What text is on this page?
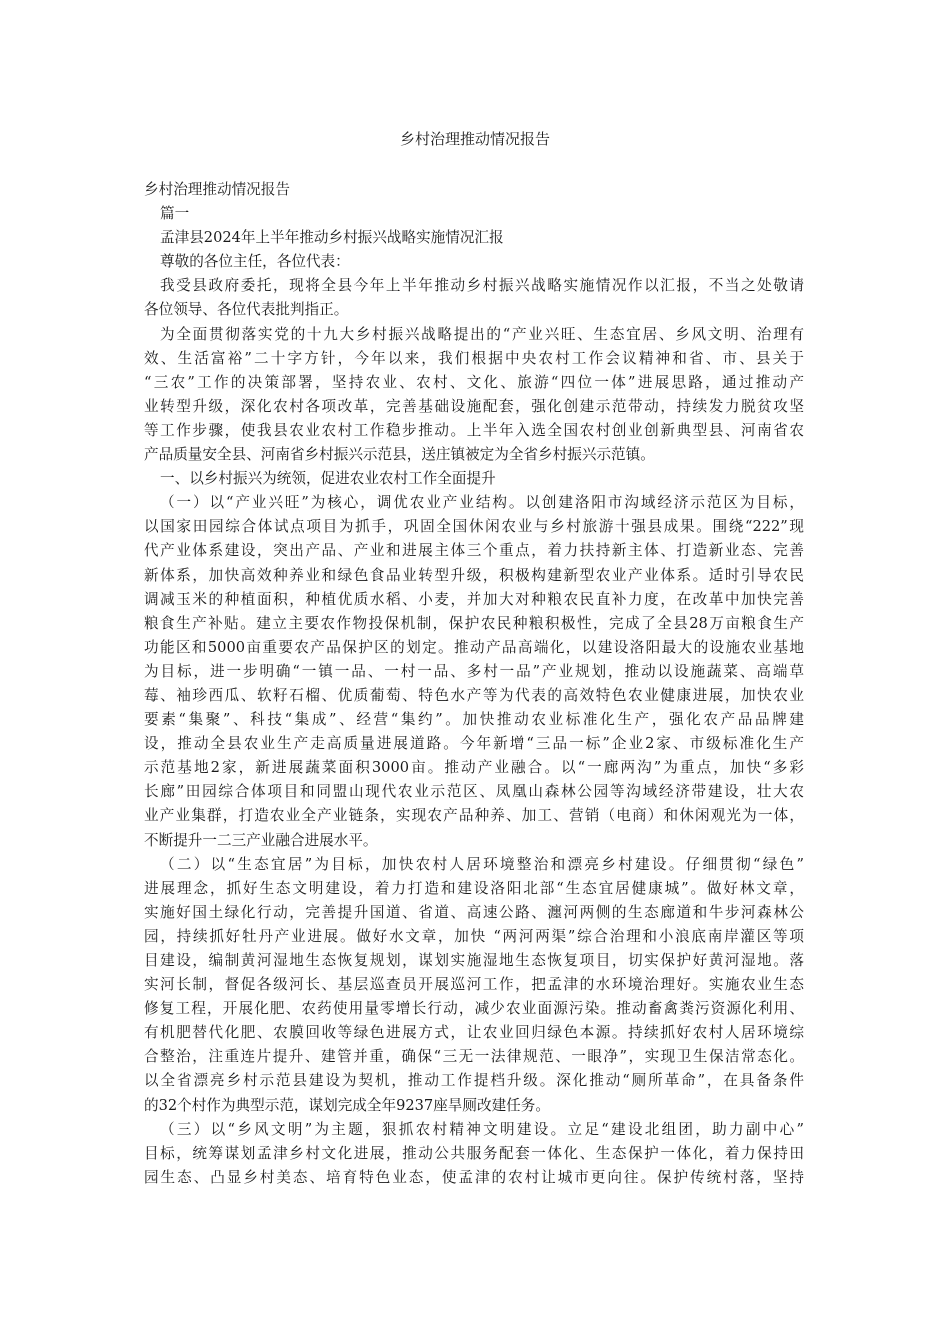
乡村治理推动情况报告
乡村治理推动情况报告
篇一
孟津县2024年上半年推动乡村振兴战略实施情况汇报
尊敬的各位主任，各位代表：
我受县政府委托，现将全县今年上半年推动乡村振兴战略实施情况作以汇报，不当之处敬请
各位领导、各位代表批判指正。
为全面贯彻落实党的十九大乡村振兴战略提出的“产业兴旺、生态宜居、乡风文明、治理有
效、生活富裕”二十字方针，今年以来，我们根据中央农村工作会议精神和省、市、县关于
“三农”工作的决策部署，坚持农业、农村、文化、旅游“四位一体”进展思路，通过推动产
业转型升级，深化农村各项改革，完善基础设施配套，强化创建示范带动，持续发力脱贫攻坚
等工作步骤，使我县农业农村工作稳步推动。上半年入选全国农村创业创新典型县、河南省农
产品质量安全县、河南省乡村振兴示范县，送庄镇被定为全省乡村振兴示范镇。
一、以乡村振兴为统领，促进农业农村工作全面提升
（一）以“产业兴旺”为核心，调优农业产业结构。以创建洛阳市沟域经济示范区为目标，
以国家田园综合体试点项目为抓手，巩固全国休闲农业与乡村旅游十强县成果。围绕“222”现
代产业体系建设，突出产品、产业和进展主体三个重点，着力扶持新主体、打造新业态、完善
新体系，加快高效种养业和绿色食品业转型升级，积极构建新型农业产业体系。适时引导农民
调减玉米的种植面积，种植优质水稻、小麦，并加大对种粮农民直补力度，在改革中加快完善
粮食生产补贴。建立主要农作物投保机制，保护农民种粮积极性，完成了全县28万亩粮食生产
功能区和5000亩重要农产品保护区的划定。推动产品高端化，以建设洛阳最大的设施农业基地
为目标，进一步明确“一镇一品、一村一品、多村一品”产业规划，推动以设施蔬菜、高端草
莓、袖珍西瓜、软籽石榴、优质葡萄、特色水产等为代表的高效特色农业健康进展，加快农业
要素“集聚”、科技“集成”、经营“集约”。加快推动农业标准化生产，强化农产品品牌建
设，推动全县农业生产走高质量进展道路。今年新增“三品一标”企业2家、市级标准化生产
示范基地2家，新进展蔬菜面积3000亩。推动产业融合。以“一廊两沟”为重点，加快“多彩
长廊”田园综合体项目和同盟山现代农业示范区、凤凰山森林公园等沟域经济带建设，壮大农
业产业集群，打造农业全产业链条，实现农产品种养、加工、营销（电商）和休闲观光为一体，
不断提升一二三产业融合进展水平。
（二）以“生态宜居”为目标，加快农村人居环境整治和漂亮乡村建设。仔细贯彻“绿色”
进展理念，抓好生态文明建设，着力打造和建设洛阳北部“生态宜居健康城”。做好林文章，
实施好国土绿化行动，完善提升国道、省道、高速公路、瀍河两侧的生态廊道和牛步河森林公
园，持续抓好牡丹产业进展。做好水文章，加快 “两河两渠”综合治理和小浪底南岸灌区等项
目建设，编制黄河湿地生态恢复规划，谋划实施湿地生态恢复项目，切实保护好黄河湿地。落
实河长制，督促各级河长、基层巡查员开展巡河工作，把孟津的水环境治理好。实施农业生态
修复工程，开展化肥、农药使用量零增长行动，减少农业面源污染。推动畜禽粪污资源化利用、
有机肥替代化肥、农膜回收等绿色进展方式，让农业回归绿色本源。持续抓好农村人居环境综
合整治，注重连片提升、建管并重，确保“三无一法律规范、一眼净”，实现卫生保洁常态化。
以全省漂亮乡村示范县建设为契机，推动工作提档升级。深化推动“厕所革命”，在具备条件
的32个村作为典型示范，谋划完成全年9237座旱厕改建任务。
（三）以“乡风文明”为主题，狠抓农村精神文明建设。立足“建设北组团，助力副中心”
目标，统筹谋划孟津乡村文化进展，推动公共服务配套一体化、生态保护一体化，着力保持田
园生态、凸显乡村美态、培育特色业态，使孟津的农村让城市更向往。保护传统村落，坚持
